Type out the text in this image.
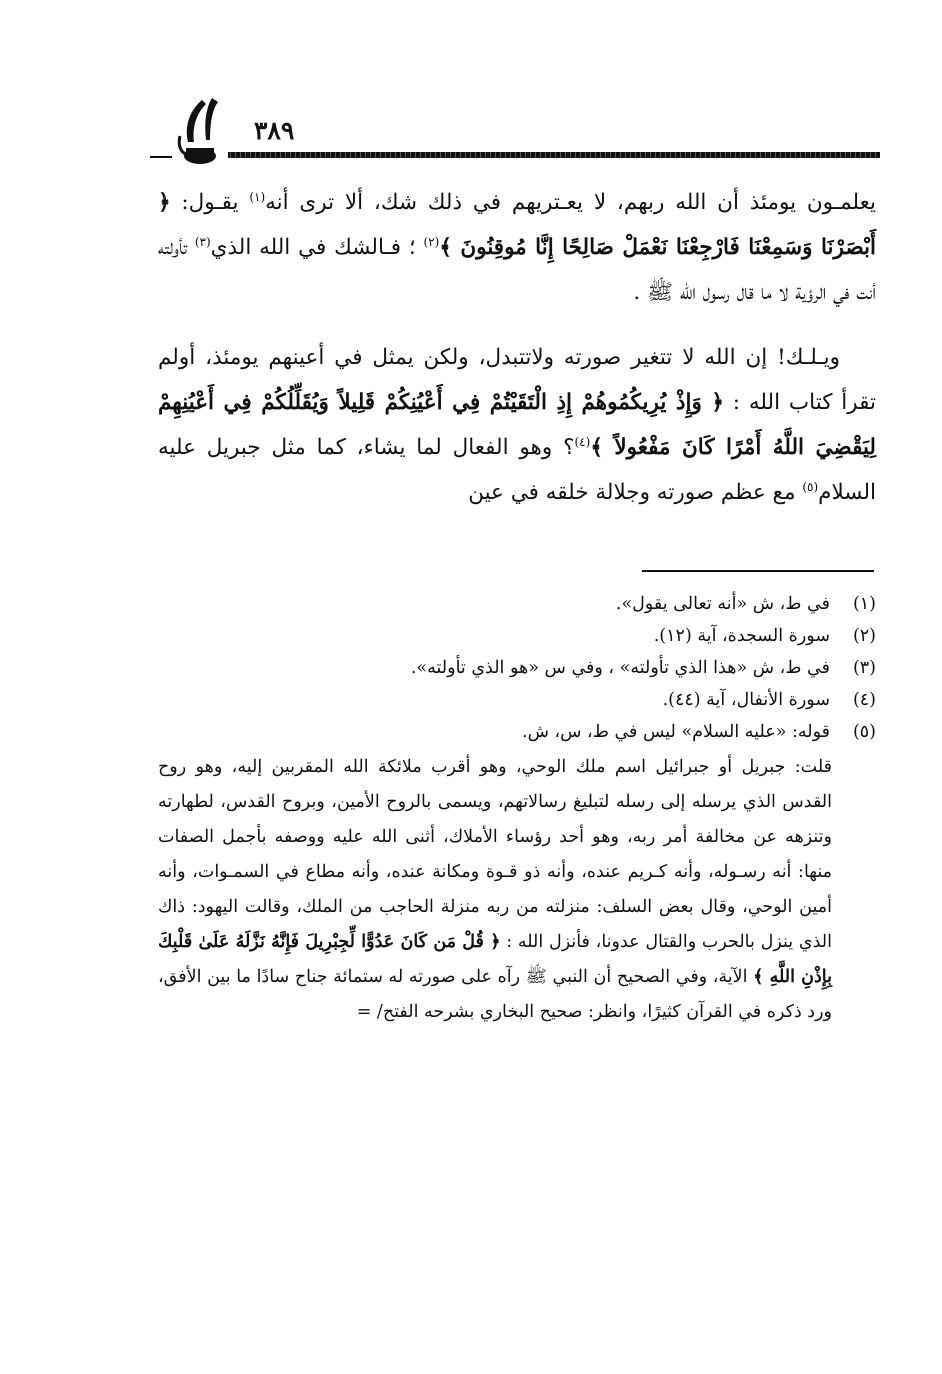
٣٨٩

يعلمـون يومئذ أن الله ربهم، لا يعـتريهم في ذلك شك، ألا ترى أنه$^{(١)}$ يقـول: ﴿ أَبْصَرْنَا وَسَمِعْنَا فَارْجِعْنَا نَعْمَلْ صَالِحًا إِنَّا مُوقِنُونَ ﴾$^{(٢)}$ ؛ فـالشك في الله الذي$^{(٣)}$ تأولته أنت في الرؤية لا ما قال رسول الله ﷺ .

ويـلـك! إن الله لا تتغير صورته ولاتتبدل، ولكن يمثل في أعينهم يومئذ، أولم تقرأ كتاب الله : ﴿ وَإِذْ يُرِيكُمُوهُمْ إِذِ الْتَقَيْتُمْ فِي أَعْيُنِكُمْ قَلِيلاً وَيُقَلِّلُكُمْ فِي أَعْيُنِهِمْ لِيَقْضِيَ اللَّهُ أَمْرًا كَانَ مَفْعُولاً ﴾$^{(٤)}$؟ وهو الفعال لما يشاء، كما مثل جبريل عليه السلام$^{(٥)}$ مع عظم صورته وجلالة خلقه في عين

(١)في ط، ش «أنه تعالى يقول».
(٢)سورة السجدة، آية (١٢).
(٣)في ط، ش «هذا الذي تأولته» ، وفي س «هو الذي تأولته».
(٤)سورة الأنفال، آية (٤٤).
(٥)قوله: «عليه السلام» ليس في ط، س، ش.
قلت: جبريل أو جبرائيل اسم ملك الوحي، وهو أقرب ملائكة الله المقربين إليه، وهو روح القدس الذي يرسله إلى رسله لتبليغ رسالاتهم، ويسمى بالروح الأمين، وبروح القدس، لطهارته وتنزهه عن مخالفة أمر ربه، وهو أحد رؤساء الأملاك، أثنى الله عليه ووصفه بأجمل الصفات منها: أنه رسـوله، وأنه كـريم عنده، وأنه ذو قـوة ومكانة عنده، وأنه مطاع في السمـوات، وأنه أمين الوحي، وقال بعض السلف: منزلته من ربه منزلة الحاجب من الملك، وقالت اليهود: ذاك الذي ينزل بالحرب والقتال عدونا، فأنزل الله : ﴿ قُلْ مَن كَانَ عَدُوًّا لِّجِبْرِيلَ فَإِنَّهُ نَزَّلَهُ عَلَىٰ قَلْبِكَ بِإِذْنِ اللَّهِ ﴾ الآية، وفي الصحيح أن النبي ﷺ رآه على صورته له ستمائة جناح سادًا ما بين الأفق، ورد ذكره في القرآن كثيرًا، وانظر: صحيح البخاري بشرحه الفتح/ =
